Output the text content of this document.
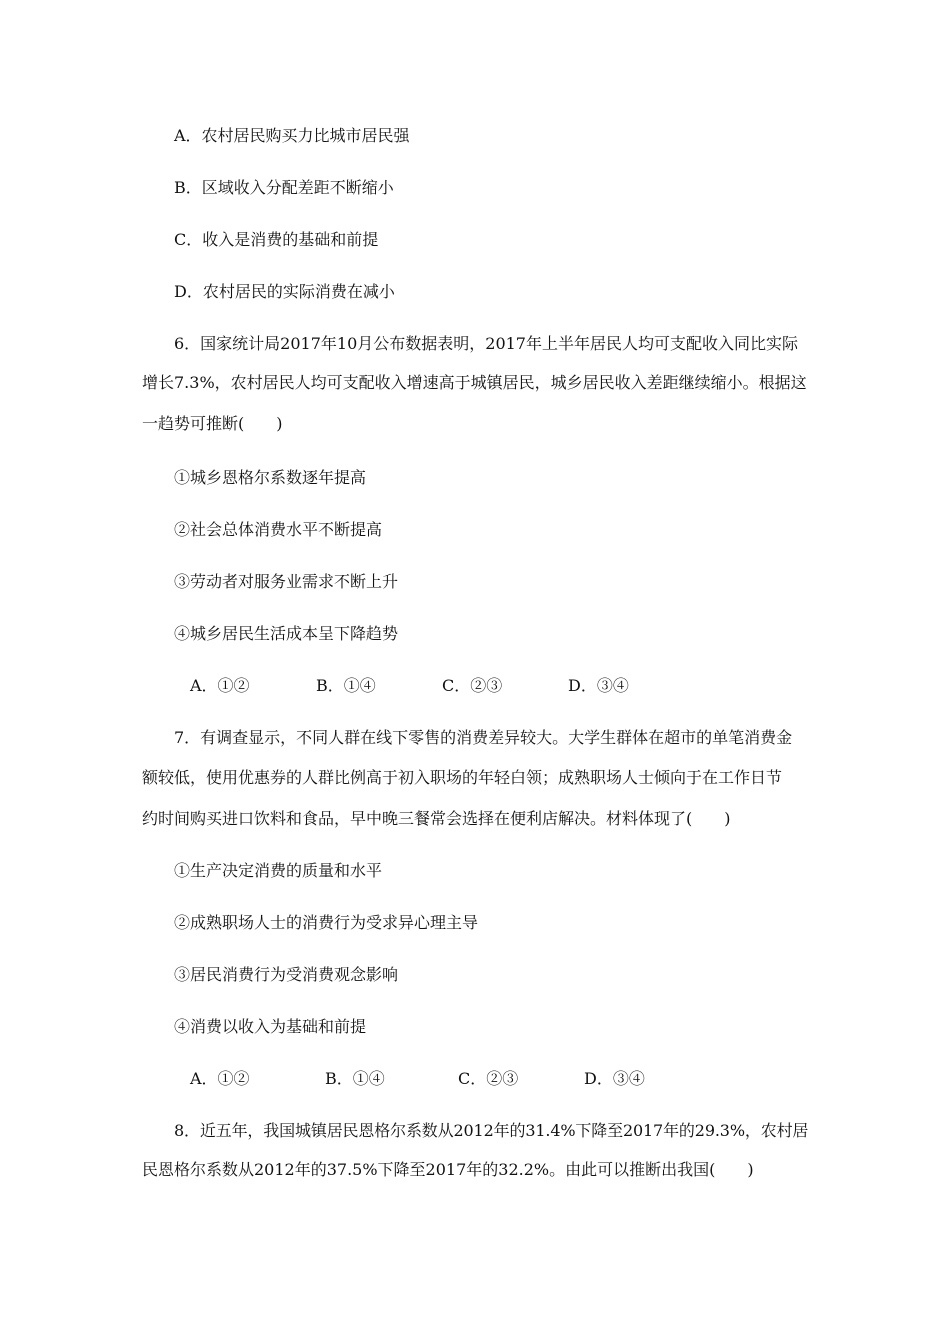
A．农村居民购买力比城市居民强
B．区域收入分配差距不断缩小
C．收入是消费的基础和前提
D．农村居民的实际消费在减小
6．国家统计局2017年10月公布数据表明，2017年上半年居民人均可支配收入同比实际
增长7.3%，农村居民人均可支配收入增速高于城镇居民，城乡居民收入差距继续缩小。根据这
一趋势可推断(　　)
①城乡恩格尔系数逐年提高
②社会总体消费水平不断提高
③劳动者对服务业需求不断上升
④城乡居民生活成本呈下降趋势
A．①②	B．①④	C．②③	D．③④
7．有调查显示，不同人群在线下零售的消费差异较大。大学生群体在超市的单笔消费金
额较低，使用优惠券的人群比例高于初入职场的年轻白领；成熟职场人士倾向于在工作日节
约时间购买进口饮料和食品，早中晚三餐常会选择在便利店解决。材料体现了(　　)
①生产决定消费的质量和水平
②成熟职场人士的消费行为受求异心理主导
③居民消费行为受消费观念影响
④消费以收入为基础和前提
A．①②	B．①④	C．②③	D．③④
8．近五年，我国城镇居民恩格尔系数从2012年的31.4%下降至2017年的29.3%，农村居
民恩格尔系数从2012年的37.5%下降至2017年的32.2%。由此可以推断出我国(　　)
